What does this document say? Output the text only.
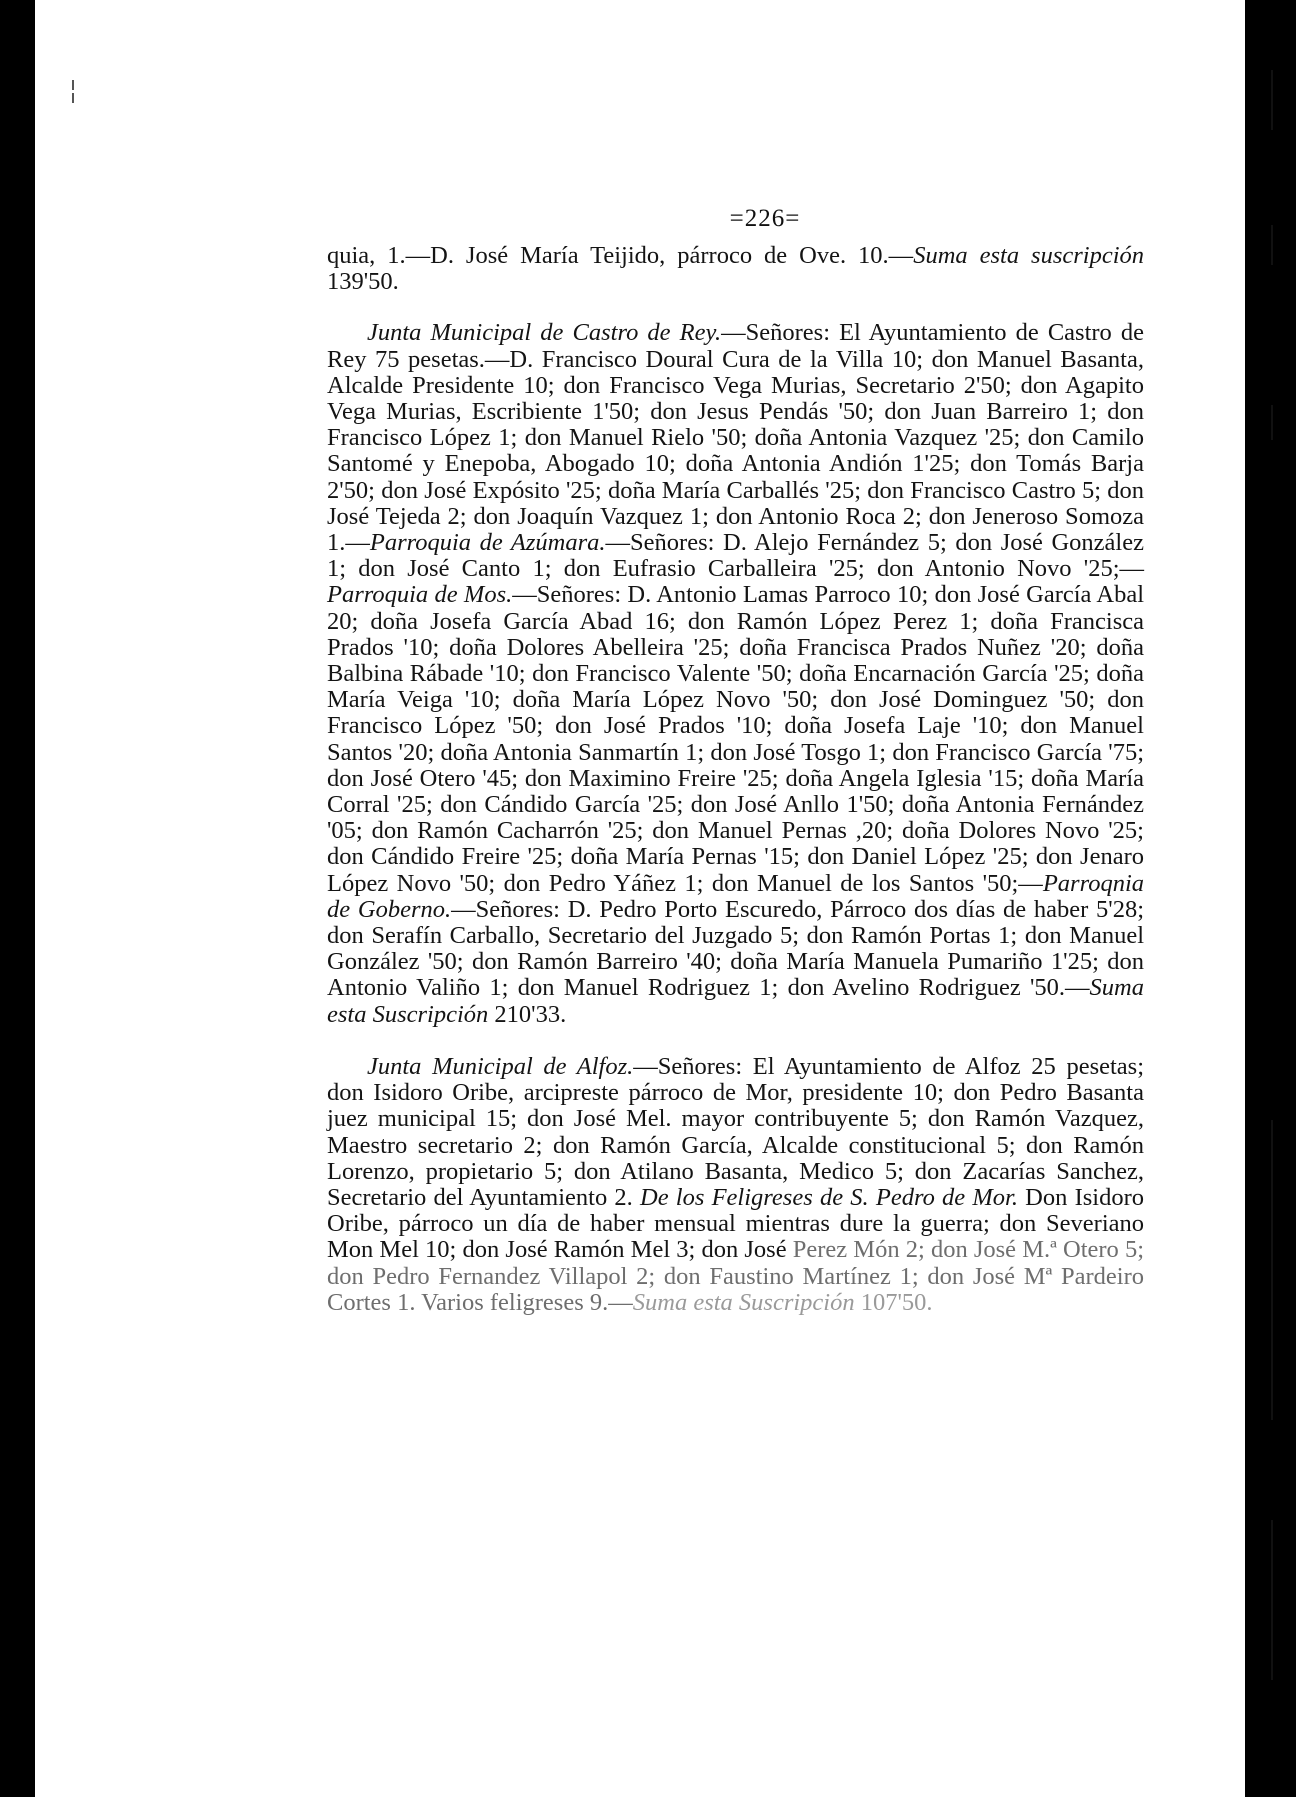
=226=

quia, 1.—D. José María Teijido, párroco de Ove. 10.—Suma esta suscripción 139'50.

Junta Municipal de Castro de Rey.—Señores: El Ayuntamiento de Castro de Rey 75 pesetas.—D. Francisco Doural Cura de la Villa 10; don Manuel Basanta, Alcalde Presidente 10; don Francisco Vega Murias, Secretario 2'50; don Agapito Vega Murias, Escribiente 1'50; don Jesus Pendás '50; don Juan Barreiro 1; don Francisco López 1; don Manuel Rielo '50; doña Antonia Vazquez '25; don Camilo Santomé y Enepoba, Abogado 10; doña Antonia Andión 1'25; don Tomás Barja 2'50; don José Expósito '25; doña María Carballés '25; don Francisco Castro 5; don José Tejeda 2; don Joaquín Vazquez 1; don Antonio Roca 2; don Jeneroso Somoza 1.—Parroquia de Azúmara.—Señores: D. Alejo Fernández 5; don José González 1; don José Canto 1; don Eufrasio Carballeira '25; don Antonio Novo '25;—Parroquia de Mos.—Señores: D. Antonio Lamas Parroco 10; don José García Abal 20; doña Josefa García Abad 16; don Ramón López Perez 1; doña Francisca Prados '10; doña Dolores Abelleira '25; doña Francisca Prados Nuñez '20; doña Balbina Rábade '10; don Francisco Valente '50; doña Encarnación García '25; doña María Veiga '10; doña María López Novo '50; don José Dominguez '50; don Francisco López '50; don José Prados '10; doña Josefa Laje '10; don Manuel Santos '20; doña Antonia Sanmartín 1; don José Tosgo 1; don Francisco García '75; don José Otero '45; don Maximino Freire '25; doña Angela Iglesia '15; doña María Corral '25; don Cándido García '25; don José Anllo 1'50; doña Antonia Fernández '05; don Ramón Cacharrón '25; don Manuel Pernas ,20; doña Dolores Novo '25; don Cándido Freire '25; doña María Pernas '15; don Daniel López '25; don Jenaro López Novo '50; don Pedro Yáñez 1; don Manuel de los Santos '50;—Parroqnia de Goberno.—Señores: D. Pedro Porto Escuredo, Párroco dos días de haber 5'28; don Serafín Carballo, Secretario del Juzgado 5; don Ramón Portas 1; don Manuel González '50; don Ramón Barreiro '40; doña María Manuela Pumariño 1'25; don Antonio Valiño 1; don Manuel Rodriguez 1; don Avelino Rodriguez '50.—Suma esta Suscripción 210'33.

Junta Municipal de Alfoz.—Señores: El Ayuntamiento de Alfoz 25 pesetas; don Isidoro Oribe, arcipreste párroco de Mor, presidente 10; don Pedro Basanta juez municipal 15; don José Mel. mayor contribuyente 5; don Ramón Vazquez, Maestro secretario 2; don Ramón García, Alcalde constitucional 5; don Ramón Lorenzo, propietario 5; don Atilano Basanta, Medico 5; don Zacarías Sanchez, Secretario del Ayuntamiento 2. De los Feligreses de S. Pedro de Mor. Don Isidoro Oribe, párroco un día de haber mensual mientras dure la guerra; don Severiano Mon Mel 10; don José Ramón Mel 3; don José Perez Món 2; don José M.ª Otero 5; don Pedro Fernandez Villapol 2; don Faustino Martínez 1; don José Mª Pardeiro Cortes 1. Varios feligreses 9.—Suma esta Suscripción 107'50.
